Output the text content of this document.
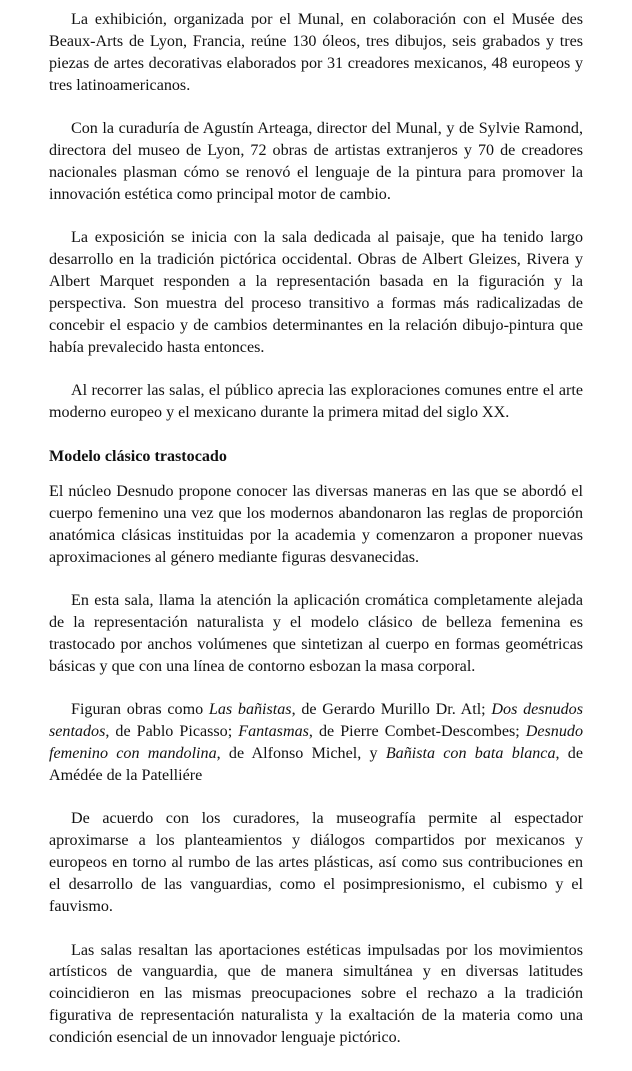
La exhibición, organizada por el Munal, en colaboración con el Musée des Beaux-Arts de Lyon, Francia, reúne 130 óleos, tres dibujos, seis grabados y tres piezas de artes decorativas elaborados por 31 creadores mexicanos, 48 europeos y tres latinoamericanos.

Con la curaduría de Agustín Arteaga, director del Munal, y de Sylvie Ramond, directora del museo de Lyon, 72 obras de artistas extranjeros y 70 de creadores nacionales plasman cómo se renovó el lenguaje de la pintura para promover la innovación estética como principal motor de cambio.

La exposición se inicia con la sala dedicada al paisaje, que ha tenido largo desarrollo en la tradición pictórica occidental. Obras de Albert Gleizes, Rivera y Albert Marquet responden a la representación basada en la figuración y la perspectiva. Son muestra del proceso transitivo a formas más radicalizadas de concebir el espacio y de cambios determinantes en la relación dibujo-pintura que había prevalecido hasta entonces.

Al recorrer las salas, el público aprecia las exploraciones comunes entre el arte moderno europeo y el mexicano durante la primera mitad del siglo XX.

Modelo clásico trastocado

El núcleo Desnudo propone conocer las diversas maneras en las que se abordó el cuerpo femenino una vez que los modernos abandonaron las reglas de proporción anatómica clásicas instituidas por la academia y comenzaron a proponer nuevas aproximaciones al género mediante figuras desvanecidas.

En esta sala, llama la atención la aplicación cromática completamente alejada de la representación naturalista y el modelo clásico de belleza femenina es trastocado por anchos volúmenes que sintetizan al cuerpo en formas geométricas básicas y que con una línea de contorno esbozan la masa corporal.

Figuran obras como Las bañistas, de Gerardo Murillo Dr. Atl; Dos desnudos sentados, de Pablo Picasso; Fantasmas, de Pierre Combet-Descombes; Desnudo femenino con mandolina, de Alfonso Michel, y Bañista con bata blanca, de Amédée de la Patelliére

De acuerdo con los curadores, la museografía permite al espectador aproximarse a los planteamientos y diálogos compartidos por mexicanos y europeos en torno al rumbo de las artes plásticas, así como sus contribuciones en el desarrollo de las vanguardias, como el posimpresionismo, el cubismo y el fauvismo.

Las salas resaltan las aportaciones estéticas impulsadas por los movimientos artísticos de vanguardia, que de manera simultánea y en diversas latitudes coincidieron en las mismas preocupaciones sobre el rechazo a la tradición figurativa de representación naturalista y la exaltación de la materia como una condición esencial de un innovador lenguaje pictórico.
